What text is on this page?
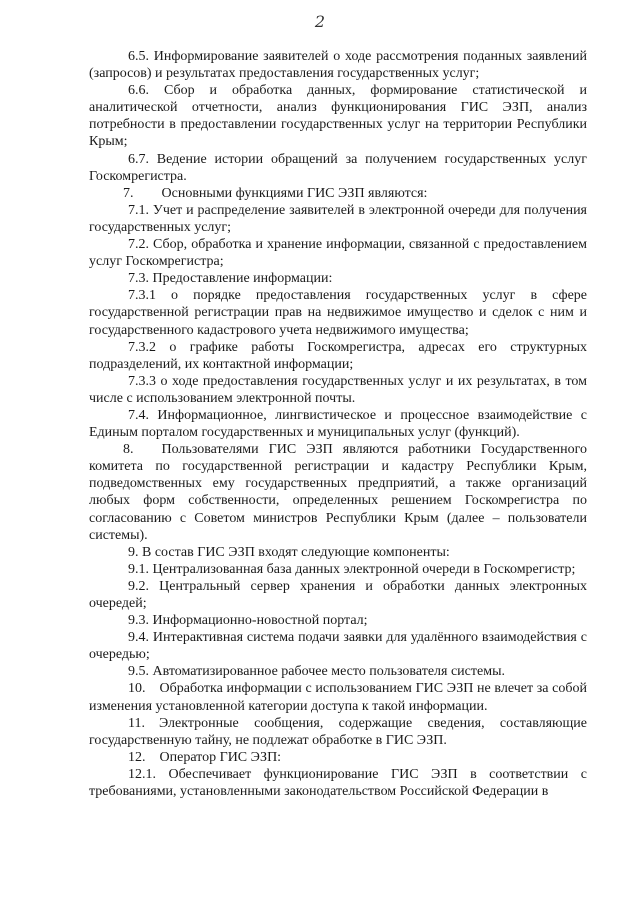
2

6.5. Информирование заявителей о ходе рассмотрения поданных заявлений (запросов) и результатах предоставления государственных услуг;

6.6. Сбор и обработка данных, формирование статистической и аналитической отчетности, анализ функционирования ГИС ЭЗП, анализ потребности в предоставлении государственных услуг на территории Республики Крым;

6.7. Ведение истории обращений за получением государственных услуг Госкомрегистра.

7.  Основными функциями ГИС ЭЗП являются:

7.1. Учет и распределение заявителей в электронной очереди для получения государственных услуг;

7.2. Сбор, обработка и хранение информации, связанной с предоставлением услуг Госкомрегистра;

7.3. Предоставление информации:

7.3.1 о порядке предоставления государственных услуг в сфере государственной регистрации прав на недвижимое имущество и сделок с ним и государственного кадастрового учета недвижимого имущества;

7.3.2 о графике работы Госкомрегистра, адресах его структурных подразделений, их контактной информации;

7.3.3 о ходе предоставления государственных услуг и их результатах, в том числе с использованием электронной почты.

7.4. Информационное, лингвистическое и процессное взаимодействие с Единым порталом государственных и муниципальных услуг (функций).

8.  Пользователями ГИС ЭЗП являются работники Государственного комитета по государственной регистрации и кадастру Республики Крым, подведомственных ему государственных предприятий, а также организаций любых форм собственности, определенных решением Госкомрегистра по согласованию с Советом министров Республики Крым (далее – пользователи системы).

9. В состав ГИС ЭЗП входят следующие компоненты:

9.1. Централизованная база данных электронной очереди в Госкомрегистр;

9.2. Центральный сервер хранения и обработки данных электронных очередей;

9.3. Информационно-новостной портал;

9.4. Интерактивная система подачи заявки для удалённого взаимодействия с очередью;

9.5. Автоматизированное рабочее место пользователя системы.

10. Обработка информации с использованием ГИС ЭЗП не влечет за собой изменения установленной категории доступа к такой информации.

11. Электронные сообщения, содержащие сведения, составляющие государственную тайну, не подлежат обработке в ГИС ЭЗП.

12. Оператор ГИС ЭЗП:

12.1. Обеспечивает функционирование ГИС ЭЗП в соответствии с требованиями, установленными законодательством Российской Федерации в
